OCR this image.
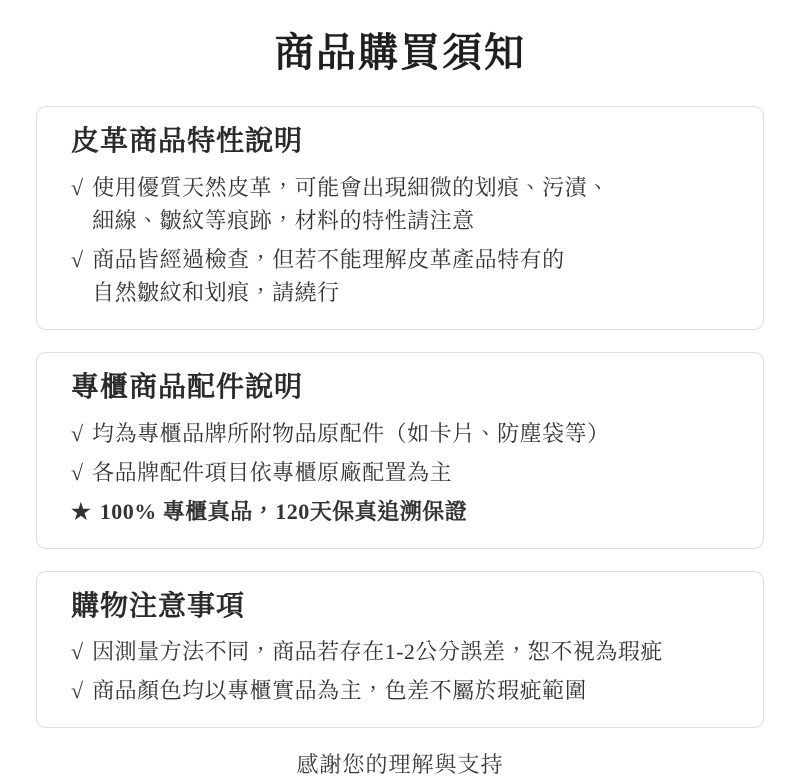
商品購買須知
皮革商品特性說明
√ 使用優質天然皮革，可能會出現細微的划痕、污漬、
細線、皺紋等痕跡，材料的特性請注意
√ 商品皆經過檢查，但若不能理解皮革產品特有的
自然皺紋和划痕，請繞行
專櫃商品配件說明
√ 均為專櫃品牌所附物品原配件（如卡片、防塵袋等）
√ 各品牌配件項目依專櫃原廠配置為主
★ 100% 專櫃真品，120天保真追溯保證
購物注意事項
√ 因測量方法不同，商品若存在1-2公分誤差，恕不視為瑕疵
√ 商品顏色均以專櫃實品為主，色差不屬於瑕疵範圍

感謝您的理解與支持
